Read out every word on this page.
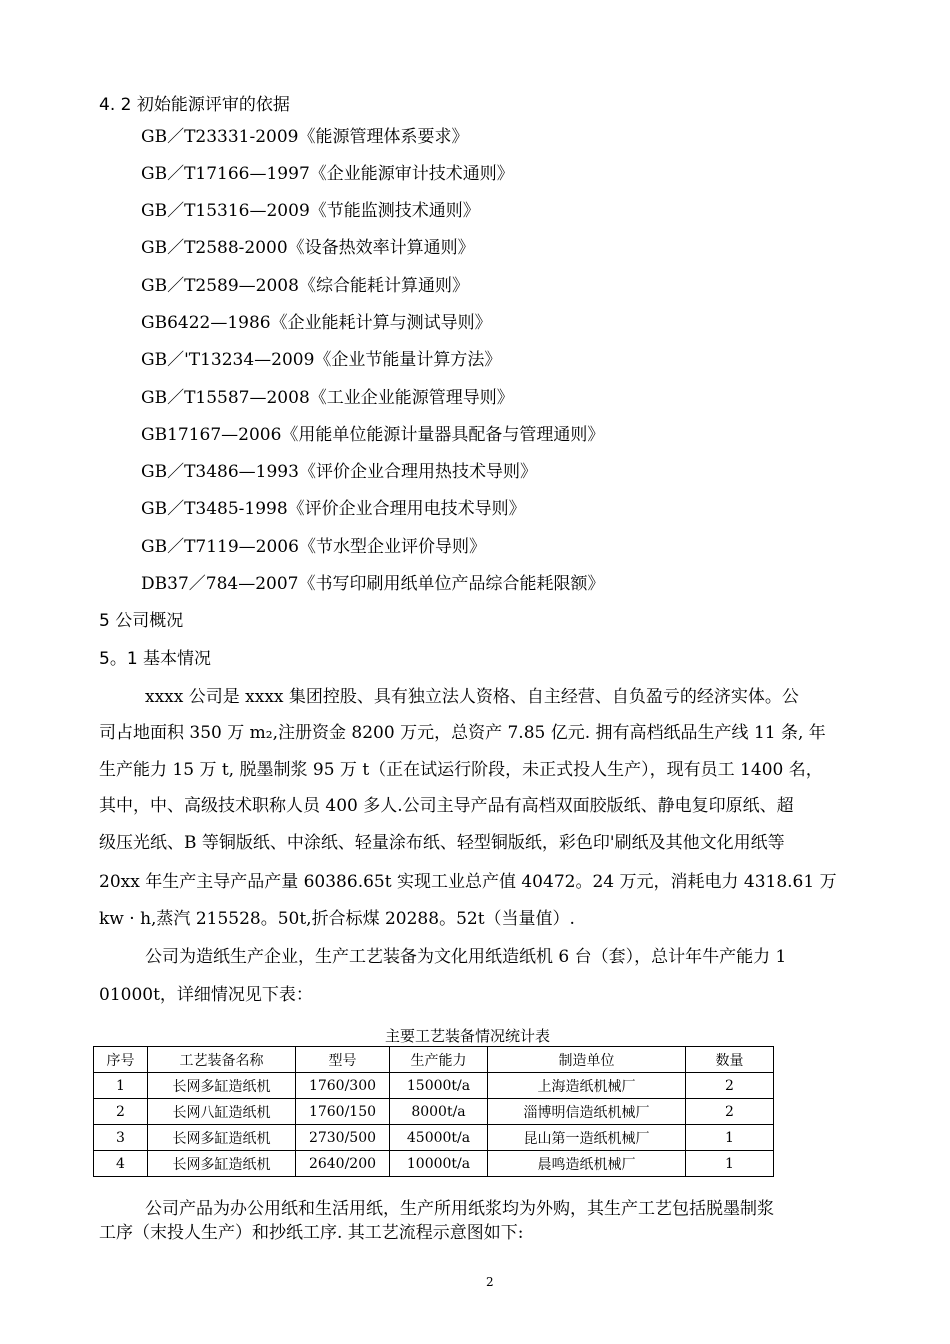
4. 2 初始能源评审的依据
GB／T23331-2009《能源管理体系要求》
GB／T17166—1997《企业能源审计技术通则》
GB／T15316—2009《节能监测技术通则》
GB／T2588-2000《设备热效率计算通则》
GB／T2589—2008《综合能耗计算通则》
GB6422—1986《企业能耗计算与测试导则》
GB／'T13234—2009《企业节能量计算方法》
GB／T15587—2008《工业企业能源管理导则》
GB17167—2006《用能单位能源计量器具配备与管理通则》
GB／T3486—1993《评价企业合理用热技术导则》
GB／T3485-1998《评价企业合理用电技术导则》
GB／T7119—2006《节水型企业评价导则》
DB37／784—2007《书写印刷用纸单位产品综合能耗限额》
5 公司概况
5。1 基本情况
xxxx 公司是 xxxx 集团控股、具有独立法人资格、自主经营、自负盈亏的经济实体。公
司占地面积 350 万 m₂,注册资金 8200 万元，总资产 7.85 亿元. 拥有高档纸品生产线 11 条, 年
生产能力 15 万 t, 脱墨制浆 95 万 t（正在试运行阶段，未正式投人生产），现有员工 1400 名，
其中，中、高级技术职称人员 400 多人.公司主导产品有高档双面胶版纸、静电复印原纸、超
级压光纸、B 等铜版纸、中涂纸、轻量涂布纸、轻型铜版纸，彩色印'刷纸及其他文化用纸等
20xx 年生产主导产品产量 60386.65t 实现工业总产值 40472。24 万元，消耗电力 4318.61 万
kw · h,蒸汽 215528。50t,折合标煤 20288。52t（当量值）.
公司为造纸生产企业，生产工艺装备为文化用纸造纸机 6 台（套），总计年牛产能力 1
01000t，详细情况见下表：
主要工艺装备情况统计表
序号	工艺装备名称	型号	生产能力	制造单位	数量
1	长网多缸造纸机	1760/300	15000t/a	上海造纸机械厂	2
2	长网八缸造纸机	1760/150	8000t/a	淄博明信造纸机械厂	2
3	长网多缸造纸机	2730/500	45000t/a	昆山第一造纸机械厂	1
4	长网多缸造纸机	2640/200	10000t/a	晨鸣造纸机械厂	1
公司产品为办公用纸和生活用纸，生产所用纸浆均为外购，其生产工艺包括脱墨制浆
工序（末投人生产）和抄纸工序. 其工艺流程示意图如下:
2
